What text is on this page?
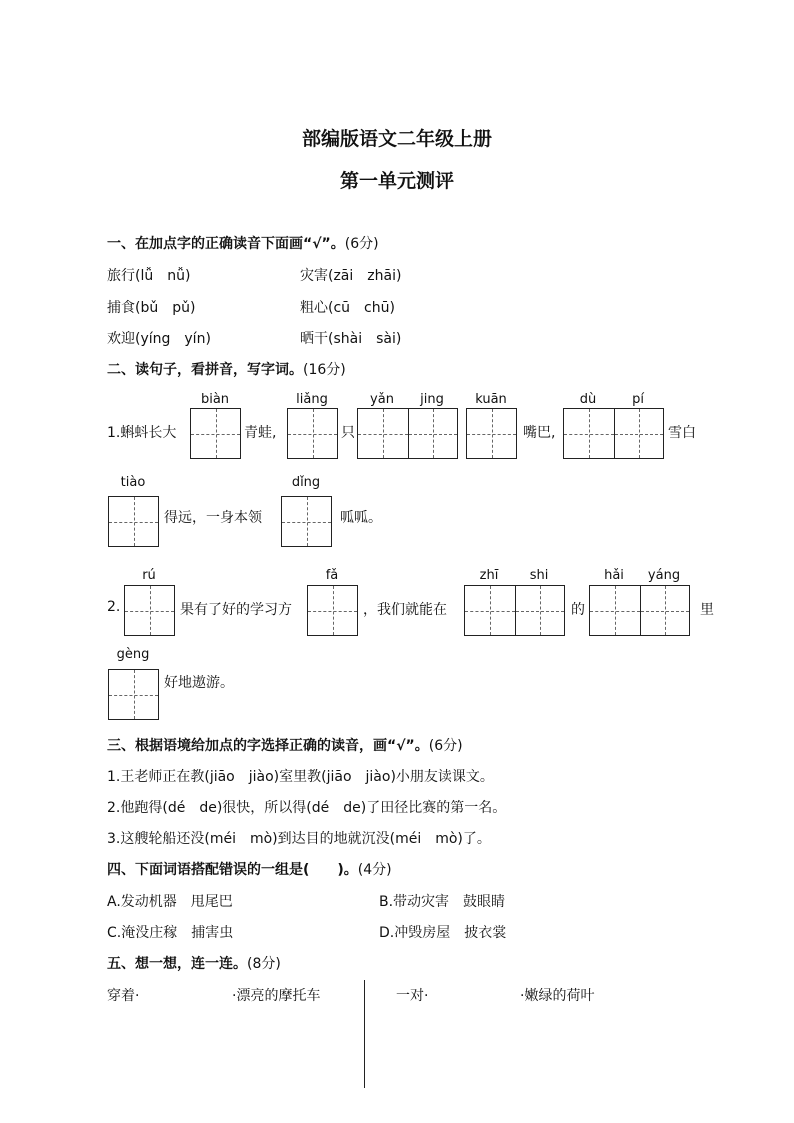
部编版语文二年级上册
第一单元测评
一、在加点字的正确读音下面画“√”。(6分)
旅行(lǚ　nǚ)	灾害(zāi　zhāi)
捕食(bǔ　pǔ)	粗心(cū　chū)
欢迎(yíng　yín)	晒干(shài　sài)
二、读句子，看拼音，写字词。(16分)
biàn	liǎng	yǎn	jing	kuān	dù	pí
1.蝌蚪长大	青蛙,	只	嘴巴,	雪白
tiào	dǐng
得远，一身本领	呱呱。
rú	fǎ	zhī	shi	hǎi	yáng
2.	果有了好的学习方	，我们就能在	的	里
gèng
好地遨游。
三、根据语境给加点的字选择正确的读音，画“√”。(6分)
1.王老师正在教(jiāo　jiào)室里教(jiāo　jiào)小朋友读课文。
2.他跑得(dé　de)很快，所以得(dé　de)了田径比赛的第一名。
3.这艘轮船还没(méi　mò)到达目的地就沉没(méi　mò)了。
四、下面词语搭配错误的一组是(　　)。(4分)
A.发动机器　甩尾巴	B.带动灾害　鼓眼睛
C.淹没庄稼　捕害虫	D.冲毁房屋　披衣裳
五、想一想，连一连。(8分)
穿着·	·漂亮的摩托车	一对·	·嫩绿的荷叶
